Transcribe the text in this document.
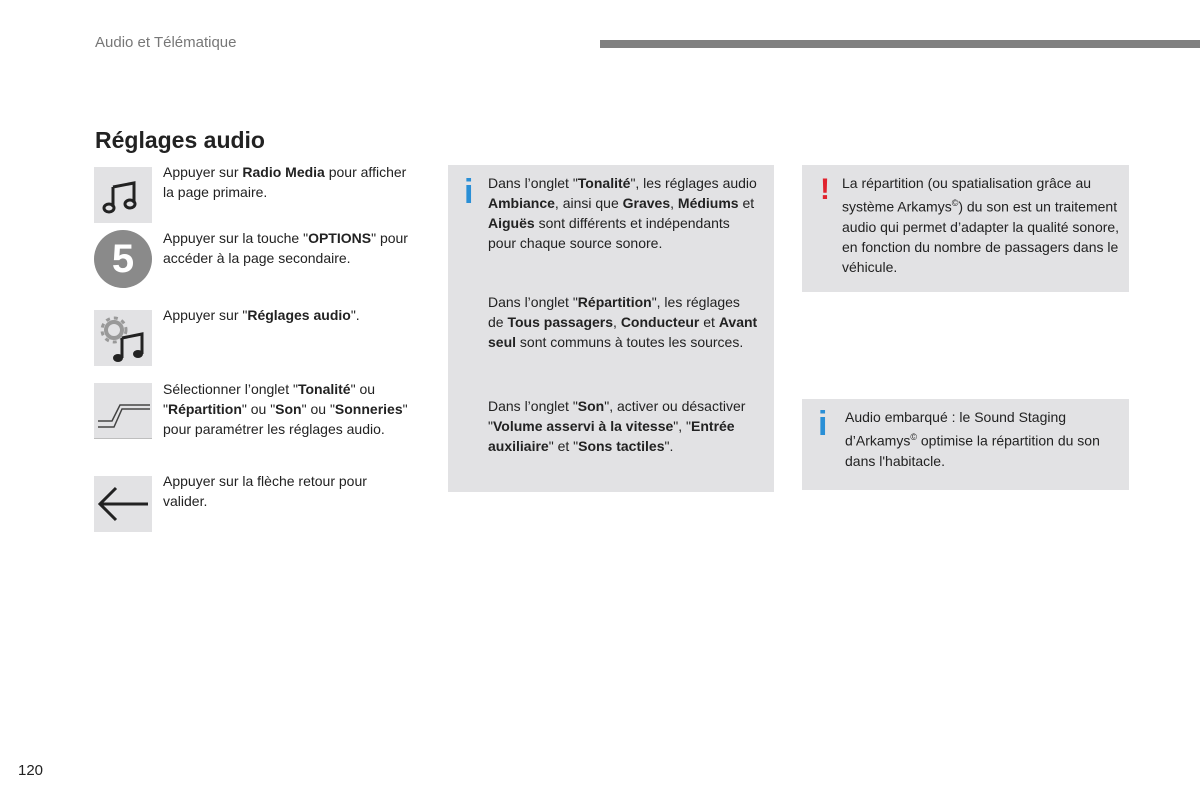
Audio et Télématique
Réglages audio
Appuyer sur Radio Media pour afficher la page primaire.
5	Appuyer sur la touche "OPTIONS" pour accéder à la page secondaire.
Appuyer sur "Réglages audio".
Sélectionner l’onglet "Tonalité" ou "Répartition" ou "Son" ou "Sonneries" pour paramétrer les réglages audio.
Appuyer sur la flèche retour pour valider.
i Dans l’onglet "Tonalité", les réglages audio Ambiance, ainsi que Graves, Médiums et Aiguës sont différents et indépendants pour chaque source sonore.
Dans l’onglet "Répartition", les réglages de Tous passagers, Conducteur et Avant seul sont communs à toutes les sources.
Dans l’onglet "Son", activer ou désactiver "Volume asservi à la vitesse", "Entrée auxiliaire" et "Sons tactiles".
! La répartition (ou spatialisation grâce au système Arkamys©) du son est un traitement audio qui permet d’adapter la qualité sonore, en fonction du nombre de passagers dans le véhicule.
i Audio embarqué : le Sound Staging d’Arkamys© optimise la répartition du son dans l'habitacle.
120
